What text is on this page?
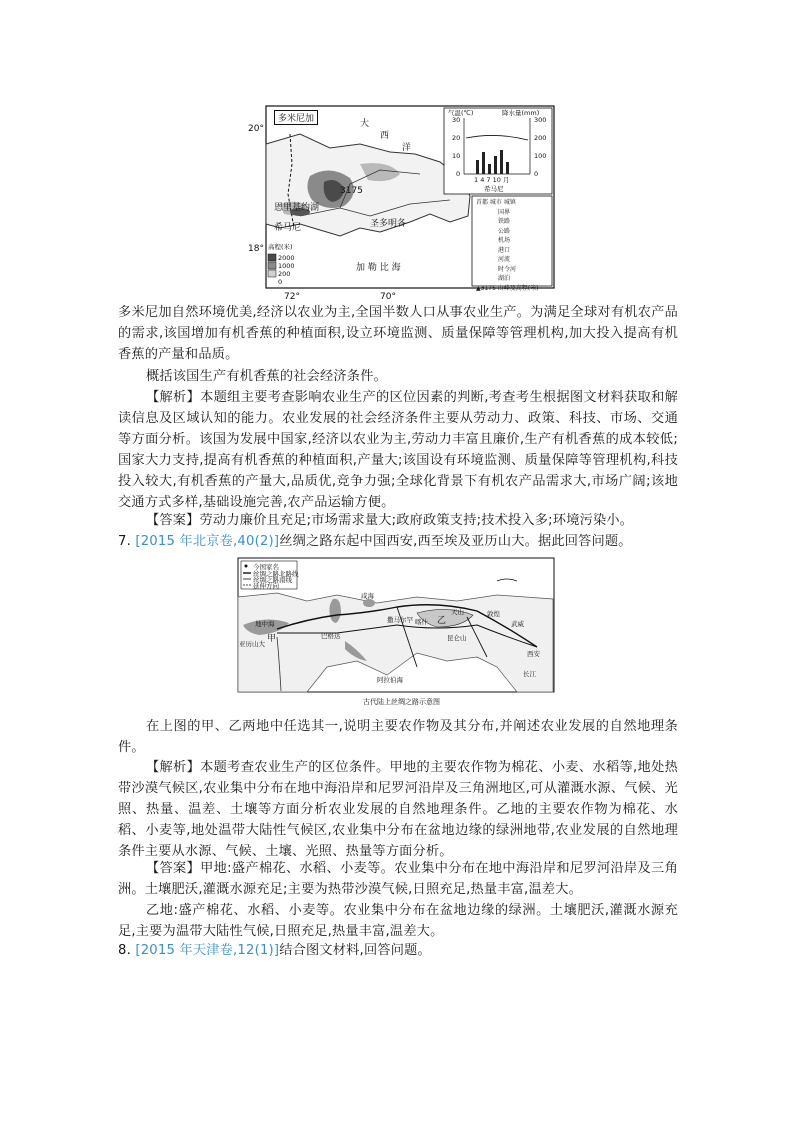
多米尼加
20°
18°
72°	70°
大
西
洋
加 勒 比 海
3175
恩里基约湖
希马尼	圣多明各
高程(米)
2000
1000
200
0
气温(℃)	降水量(mm)
30
20
10
0
300
200
100
0
1 4 7 10 月
希马尼
首都 城市 城镇
国界
铁路
公路
机场
港口
河流
时令河
湖泊
▲3175 山峰及高程(米)
多米尼加自然环境优美,经济以农业为主,全国半数人口从事农业生产。为满足全球对有机农产品的需求,该国增加有机香蕉的种植面积,设立环境监测、质量保障等管理机构,加大投入提高有机香蕉的产量和品质。
概括该国生产有机香蕉的社会经济条件。
【解析】本题组主要考查影响农业生产的区位因素的判断,考查考生根据图文材料获取和解读信息及区域认知的能力。农业发展的社会经济条件主要从劳动力、政策、科技、市场、交通等方面分析。该国为发展中国家,经济以农业为主,劳动力丰富且廉价,生产有机香蕉的成本较低;国家大力支持,提高有机香蕉的种植面积,产量大;该国设有环境监测、质量保障等管理机构,科技投入较大,有机香蕉的产量大,品质优,竞争力强;全球化背景下有机农产品需求大,市场广阔;该地交通方式多样,基础设施完善,农产品运输方便。
【答案】劳动力廉价且充足;市场需求量大;政府政策支持;技术投入多;环境污染小。
7. [2015 年北京卷,40(2)]丝绸之路东起中国西安,西至埃及亚历山大。据此回答问题。
今国家名
丝绸之路北路线
丝绸之路南线
延伸方向
地中海
亚历山大 甲
乙
咸海
天山
西安
昆仑山
巴格达
撒马尔罕
敦煌
武威
喀什
阿拉伯海
长江
古代陆上丝绸之路示意图
在上图的甲、乙两地中任选其一,说明主要农作物及其分布,并阐述农业发展的自然地理条件。
【解析】本题考查农业生产的区位条件。甲地的主要农作物为棉花、小麦、水稻等,地处热带沙漠气候区,农业集中分布在地中海沿岸和尼罗河沿岸及三角洲地区,可从灌溉水源、气候、光照、热量、温差、土壤等方面分析农业发展的自然地理条件。乙地的主要农作物为棉花、水稻、小麦等,地处温带大陆性气候区,农业集中分布在盆地边缘的绿洲地带,农业发展的自然地理条件主要从水源、气候、土壤、光照、热量等方面分析。
【答案】甲地:盛产棉花、水稻、小麦等。农业集中分布在地中海沿岸和尼罗河沿岸及三角洲。土壤肥沃,灌溉水源充足;主要为热带沙漠气候,日照充足,热量丰富,温差大。
乙地:盛产棉花、水稻、小麦等。农业集中分布在盆地边缘的绿洲。土壤肥沃,灌溉水源充足,主要为温带大陆性气候,日照充足,热量丰富,温差大。
8. [2015 年天津卷,12(1)]结合图文材料,回答问题。
